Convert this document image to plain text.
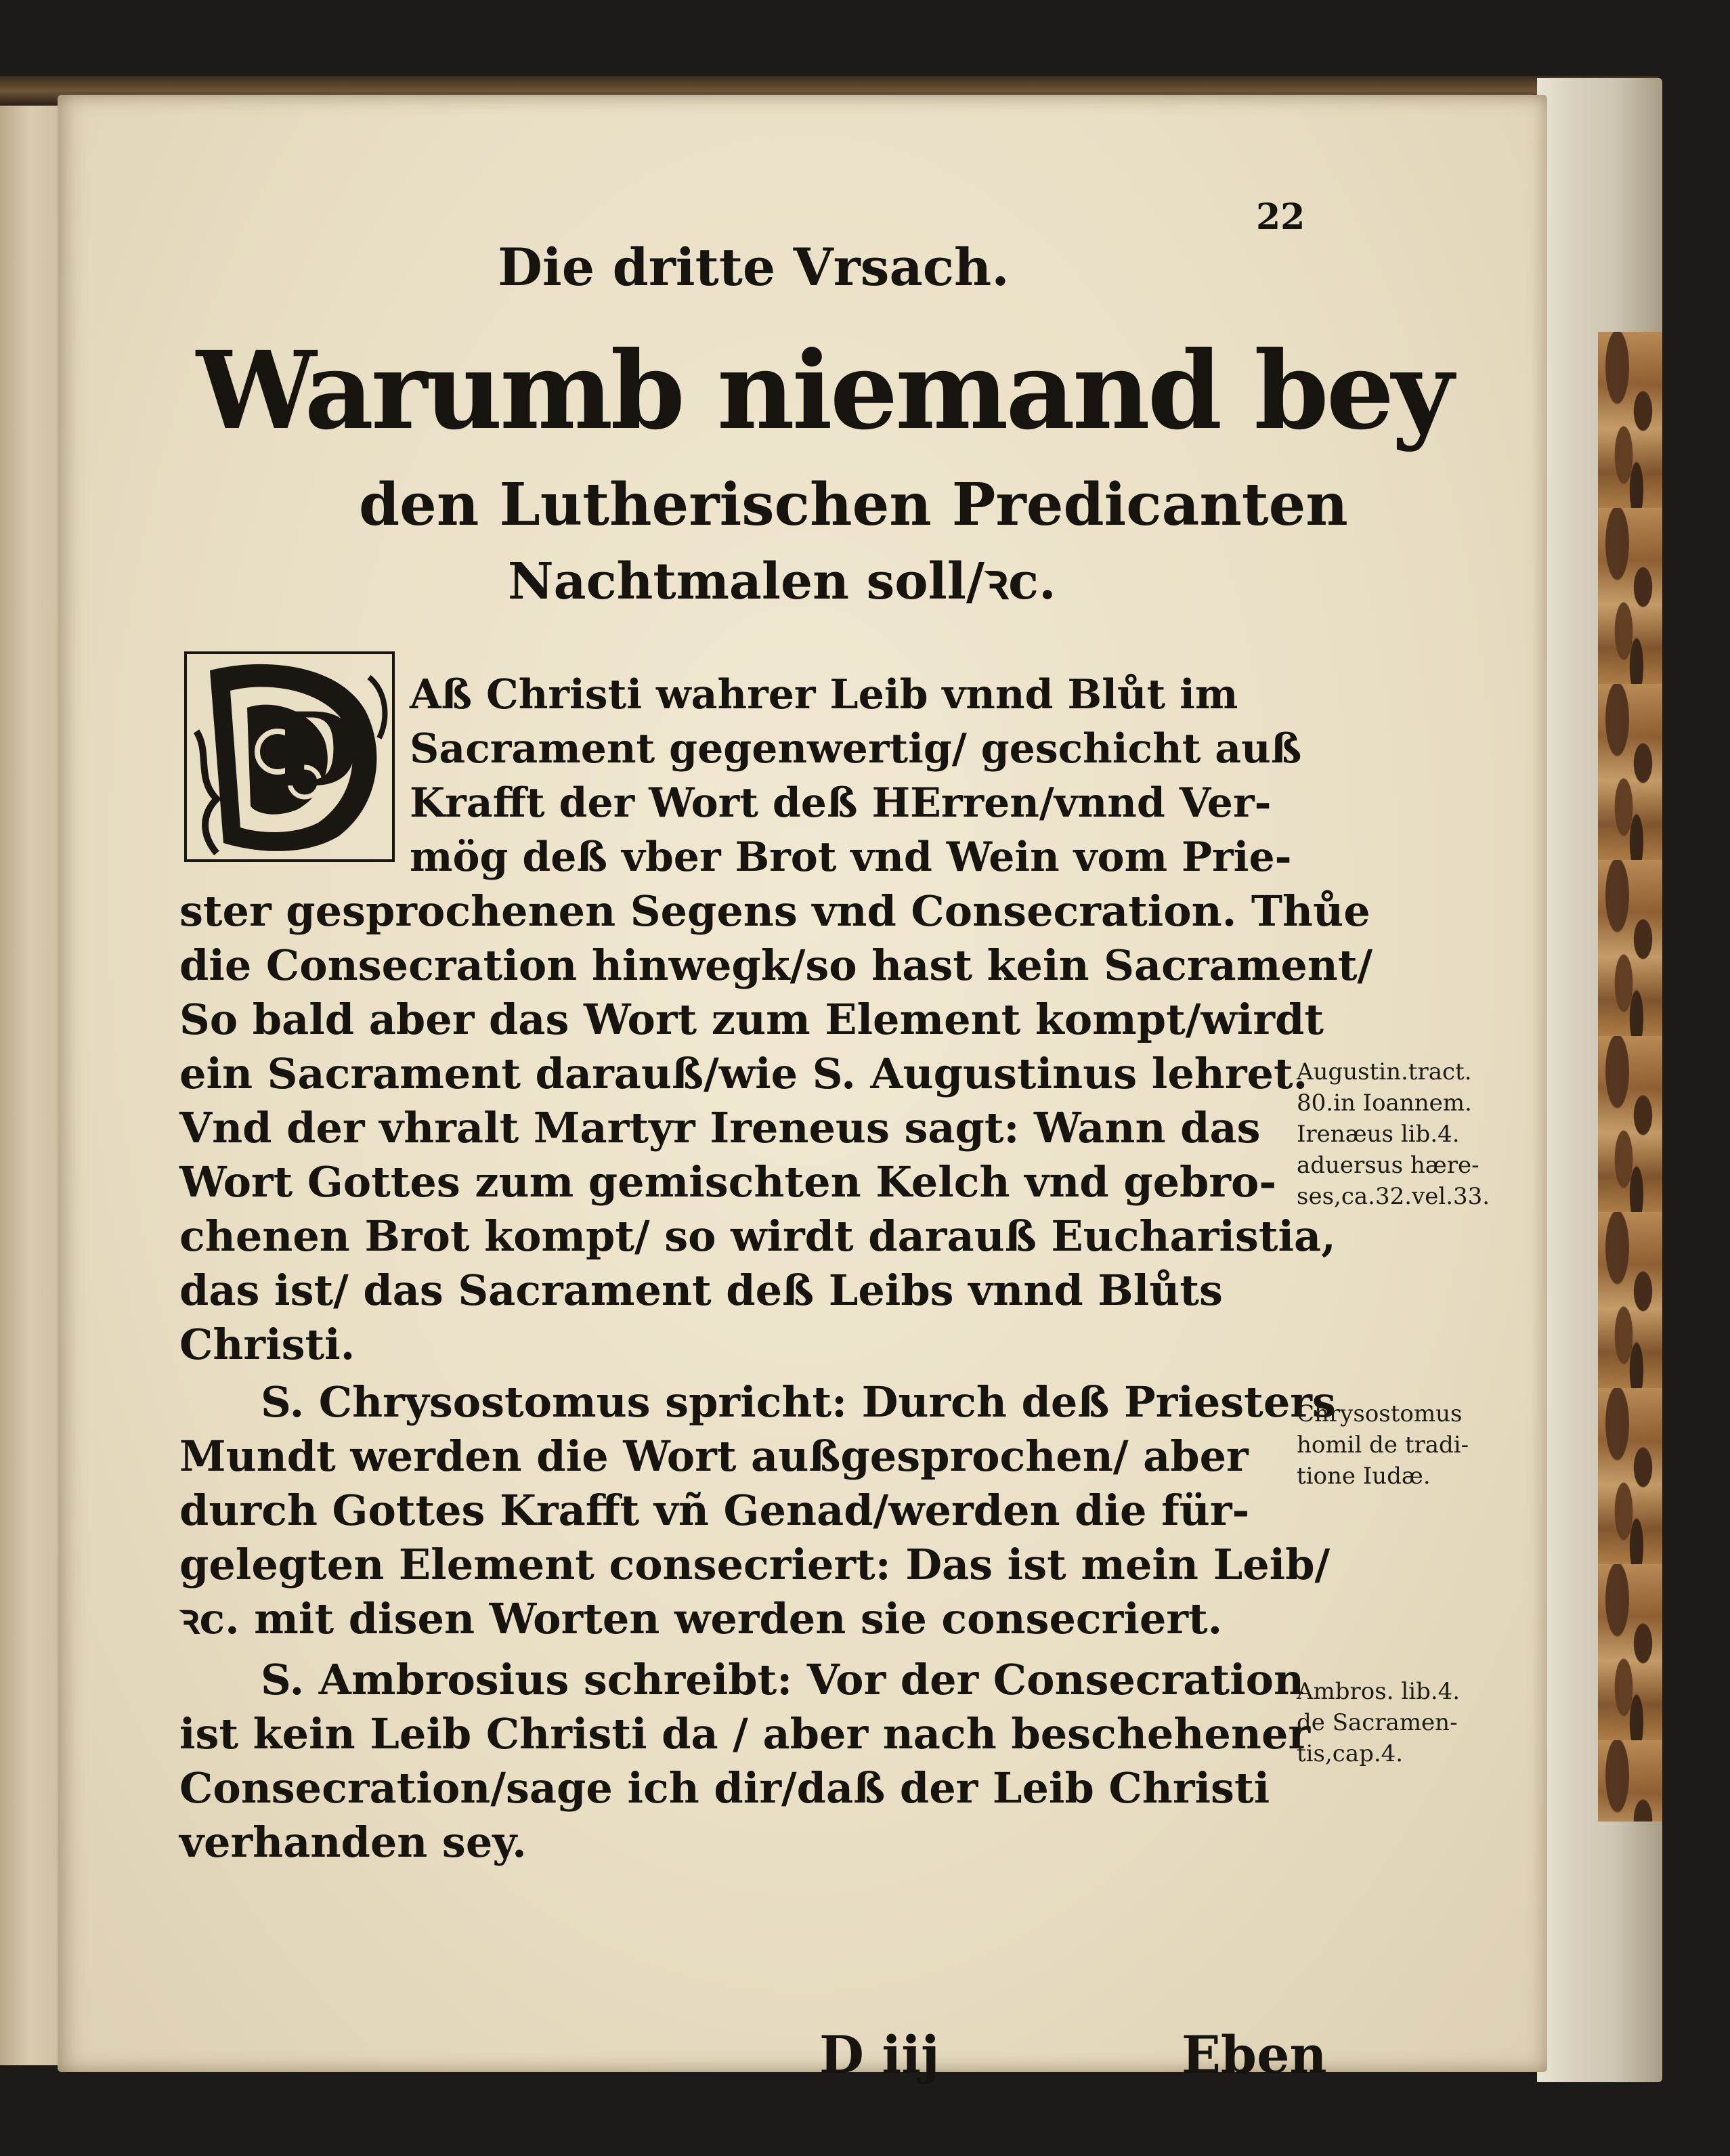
22
Die dritte Vrsach.
Warumb niemand bey
den Lutherischen Predicanten
Nachtmalen soll/ꝛc.
D Aß Christi wahrer Leib vnnd Blůt im
Sacrament gegenwertig/ geschicht auß
Krafft der Wort deß HErren/vnnd Ver-
mög deß vber Brot vnd Wein vom Prie-
ster gesprochenen Segens vnd Consecration. Thůe
die Consecration hinwegk/so hast kein Sacrament/
So bald aber das Wort zum Element kompt/wirdt
ein Sacrament darauß/wie S. Augustinus lehret.
Vnd der vhralt Martyr Ireneus sagt: Wann das
Wort Gottes zum gemischten Kelch vnd gebro-
chenen Brot kompt/ so wirdt darauß Eucharistia,
das ist/ das Sacrament deß Leibs vnnd Blůts
Christi.
S. Chrysostomus spricht: Durch deß Priesters
Mundt werden die Wort außgesprochen/ aber
durch Gottes Krafft vñ Genad/werden die für-
gelegten Element consecriert: Das ist mein Leib/
ꝛc. mit disen Worten werden sie consecriert.
S. Ambrosius schreibt: Vor der Consecration
ist kein Leib Christi da / aber nach beschehener
Consecration/sage ich dir/daß der Leib Christi
verhanden sey.
Augustin.tract.
80.in Ioannem.
Irenæus lib.4.
aduersus hære-
ses,ca.32.vel.33.
Chrysostomus
homil de tradi-
tione Iudæ.
Ambros. lib.4.
de Sacramen-
tis,cap.4.
D iij	Eben
